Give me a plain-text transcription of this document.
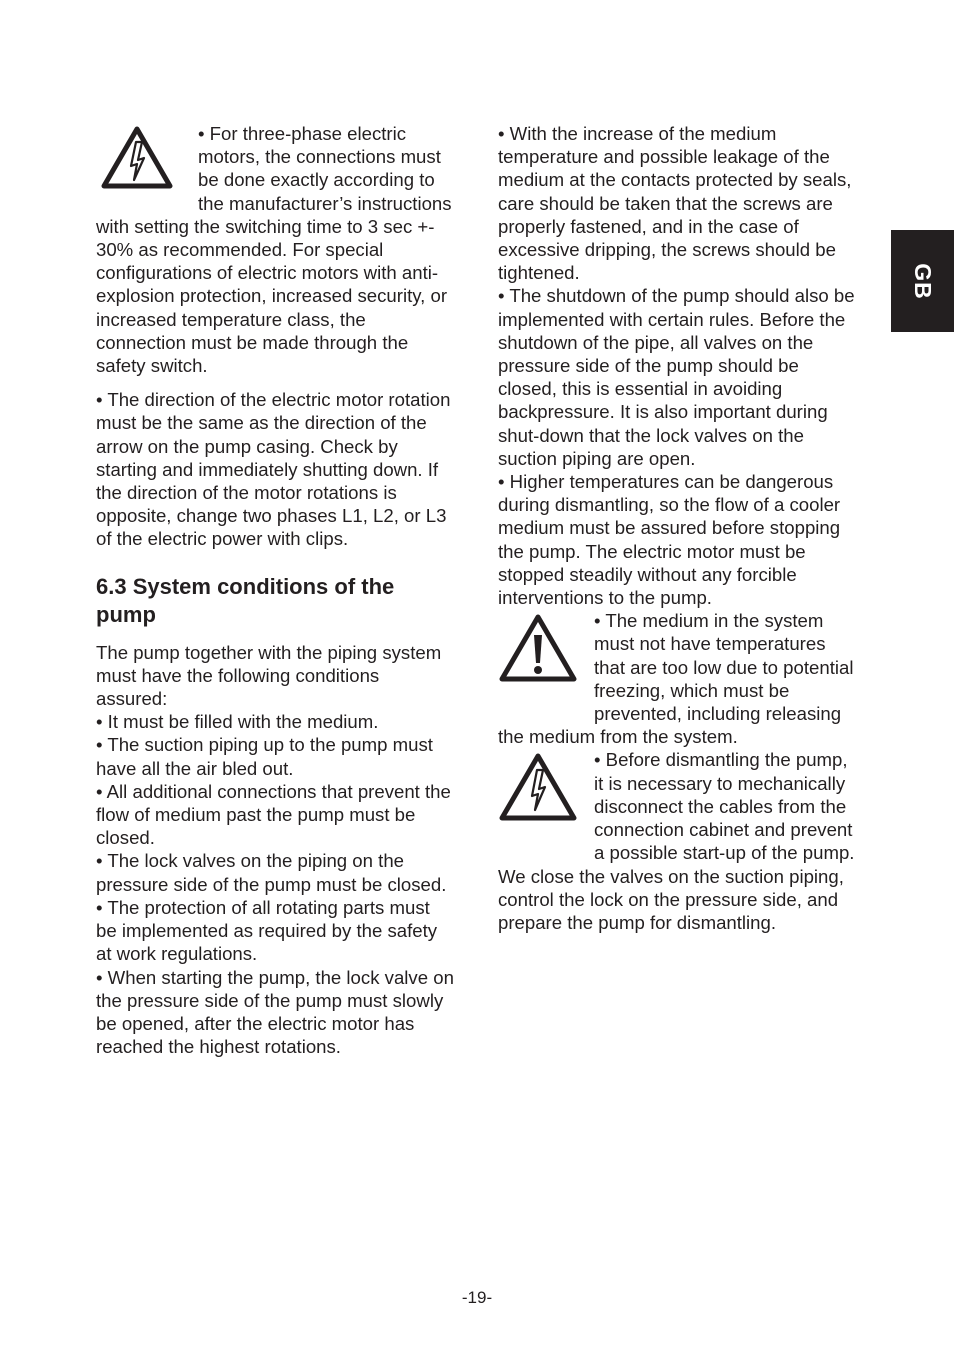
• For three-phase electric motors, the connections must be done exactly according to the manufacturer’s instructions with setting the switching time to 3 sec +- 30% as recommended. For special configurations of electric motors with anti-explosion protection, increased security, or increased temperature class, the connection must be made through the safety switch.

• The direction of the electric motor rotation must be the same as the direction of the arrow on the pump casing. Check by starting and immediately shutting down. If the direction of the motor rotations is opposite, change two phases L1, L2, or L3 of the electric power with clips.

6.3 System conditions of the pump

The pump together with the piping system must have the following conditions assured:

• It must be filled with the medium.

• The suction piping up to the pump must have all the air bled out.

• All additional connections that prevent the flow of medium past the pump must be closed.

• The lock valves on the piping on the pressure side of the pump must be closed.

• The protection of all rotating parts must be implemented as required by the safety at work regulations.

• When starting the pump, the lock valve on the pressure side of the pump must slowly be opened, after the electric motor has reached the highest rotations.

• With the increase of the medium temperature and possible leakage of the medium at the contacts protected by seals, care should be taken that the screws are properly fastened, and in the case of excessive dripping, the screws should be tightened.

• The shutdown of the pump should also be implemented with certain rules. Before the shutdown of the pipe, all valves on the pressure side of the pump should be closed, this is essential in avoiding backpressure. It is also important during shut-down that the lock valves on the suction piping are open.

• Higher temperatures can be dangerous during dismantling, so the flow of a cooler medium must be assured before stopping the pump. The electric motor must be stopped steadily without any forcible interventions to the pump.

• The medium in the system must not have temperatures that are too low due to potential freezing, which must be prevented, including releasing the medium from the system.

• Before dismantling the pump, it is necessary to mechanically disconnect the cables from the connection cabinet and prevent a possible start-up of the pump. We close the valves on the suction piping, control the lock on the pressure side, and prepare the pump for dismantling.

GB
-19-
